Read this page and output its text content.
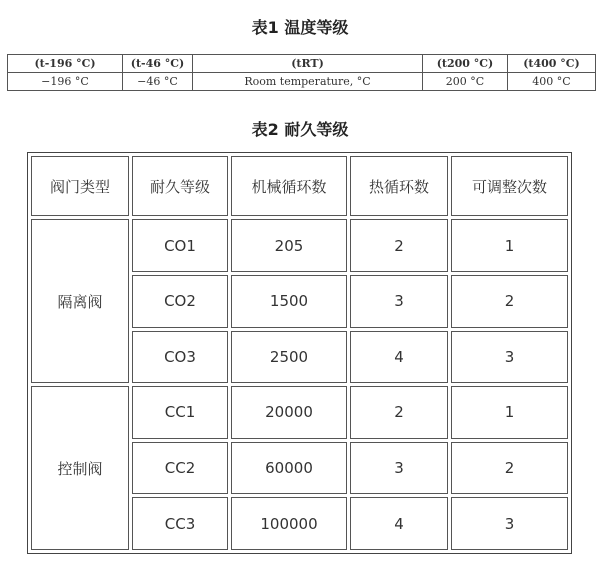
表1 温度等级
(t-196 °C)	(t-46 °C)	(tRT)	(t200 °C)	(t400 °C)
−196 °C	−46 °C	Room temperature, °C	200 °C	400 °C
表2 耐久等级
阀门类型	耐久等级	机械循环数	热循环数	可调整次数
隔离阀	CO1	205	2	1
	CO2	1500	3	2
	CO3	2500	4	3
控制阀	CC1	20000	2	1
	CC2	60000	3	2
	CC3	100000	4	3
